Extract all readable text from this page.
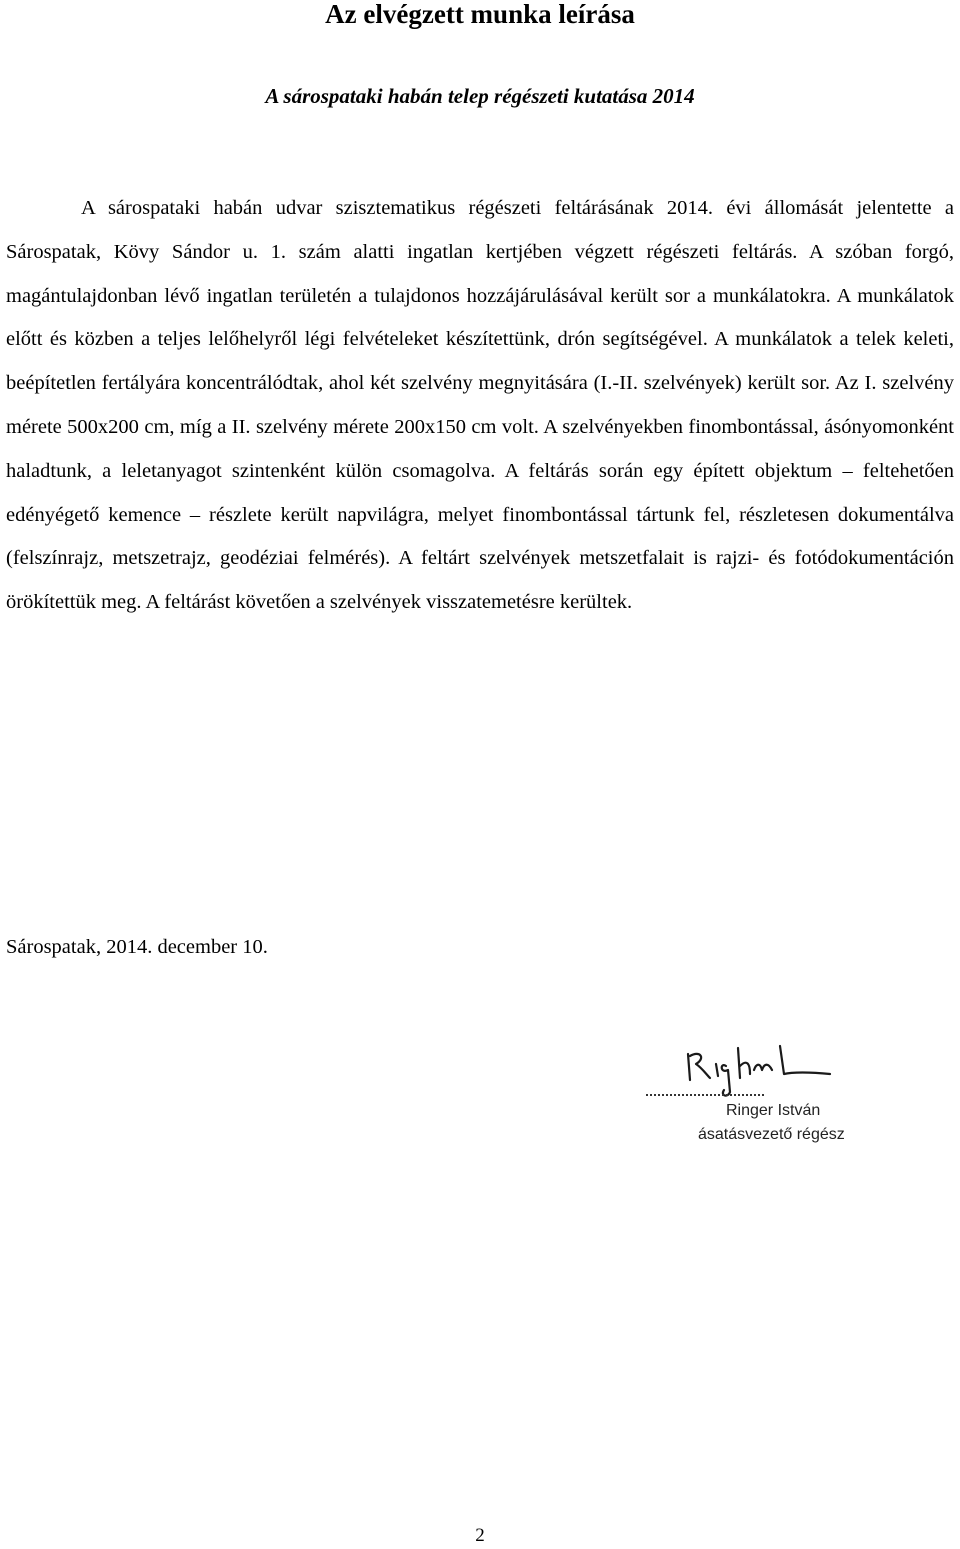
Az elvégzett munka leírása
A sárospataki habán telep régészeti kutatása 2014

A sárospataki habán udvar szisztematikus régészeti feltárásának 2014. évi állomását jelentette a Sárospatak, Kövy Sándor u. 1. szám alatti ingatlan kertjében végzett régészeti feltárás. A szóban forgó, magántulajdonban lévő ingatlan területén a tulajdonos hozzájárulásával került sor a munkálatokra. A munkálatok előtt és közben a teljes lelőhelyről légi felvételeket készítettünk, drón segítségével. A munkálatok a telek keleti, beépítetlen fertályára koncentrálódtak, ahol két szelvény megnyitására (I.-II. szelvények) került sor. Az I. szelvény mérete 500x200 cm, míg a II. szelvény mérete 200x150 cm volt. A szelvényekben finombontással, ásónyomonként haladtunk, a leletanyagot szintenként külön csomagolva. A feltárás során egy épített objektum – feltehetően edényégető kemence – részlete került napvilágra, melyet finombontással tártunk fel, részletesen dokumentálva (felszínrajz, metszetrajz, geodéziai felmérés). A feltárt szelvények metszetfalait is rajzi- és fotódokumentáción örökítettük meg. A feltárást követően a szelvények visszatemetésre kerültek.

Sárospatak, 2014. december 10.

Ringer István
ásatásvezető régész

2
